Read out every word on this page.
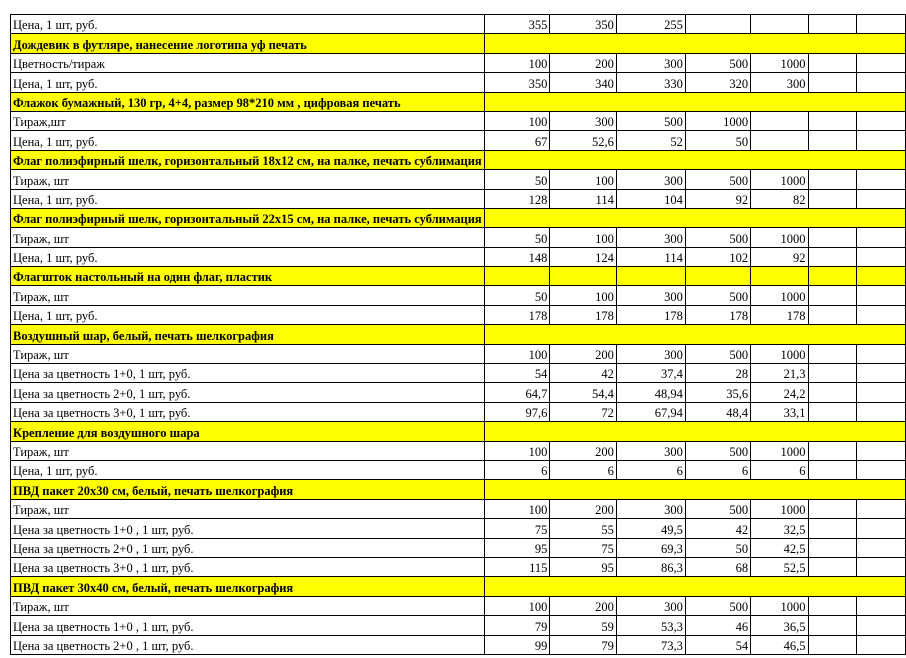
Цена, 1 шт, руб.	355	350	255				
Дождевик в футляре, нанесение логотипа уф печать							
Цветность/тираж	100	200	300	500	1000		
Цена, 1 шт, руб.	350	340	330	320	300		
Флажок бумажный, 130 гр, 4+4, размер 98*210 мм , цифровая печать							
Тираж,шт	100	300	500	1000			
Цена, 1 шт, руб.	67	52,6	52	50			
Флаг полиэфирный шелк, горизонтальный 18x12 см, на палке, печать сублимация							
Тираж, шт	50	100	300	500	1000		
Цена, 1 шт, руб.	128	114	104	92	82		
Флаг полиэфирный шелк, горизонтальный 22x15 см, на палке, печать сублимация							
Тираж, шт	50	100	300	500	1000		
Цена, 1 шт, руб.	148	124	114	102	92		
Флагшток настольный на один флаг, пластик							
Тираж, шт	50	100	300	500	1000		
Цена, 1 шт, руб.	178	178	178	178	178		
Воздушный шар, белый, печать шелкография							
Тираж, шт	100	200	300	500	1000		
Цена за цветность 1+0, 1 шт, руб.	54	42	37,4	28	21,3		
Цена за цветность 2+0, 1 шт, руб.	64,7	54,4	48,94	35,6	24,2		
Цена за цветность 3+0, 1 шт, руб.	97,6	72	67,94	48,4	33,1		
Крепление для воздушного шара							
Тираж, шт	100	200	300	500	1000		
Цена, 1 шт, руб.	6	6	6	6	6		
ПВД пакет 20х30 см, белый, печать шелкография							
Тираж, шт	100	200	300	500	1000		
Цена за цветность 1+0 , 1 шт, руб.	75	55	49,5	42	32,5		
Цена за цветность 2+0 , 1 шт, руб.	95	75	69,3	50	42,5		
Цена за цветность 3+0 , 1 шт, руб.	115	95	86,3	68	52,5		
ПВД пакет 30х40 см, белый, печать шелкография							
Тираж, шт	100	200	300	500	1000		
Цена за цветность 1+0 , 1 шт, руб.	79	59	53,3	46	36,5		
Цена за цветность 2+0 , 1 шт, руб.	99	79	73,3	54	46,5		
